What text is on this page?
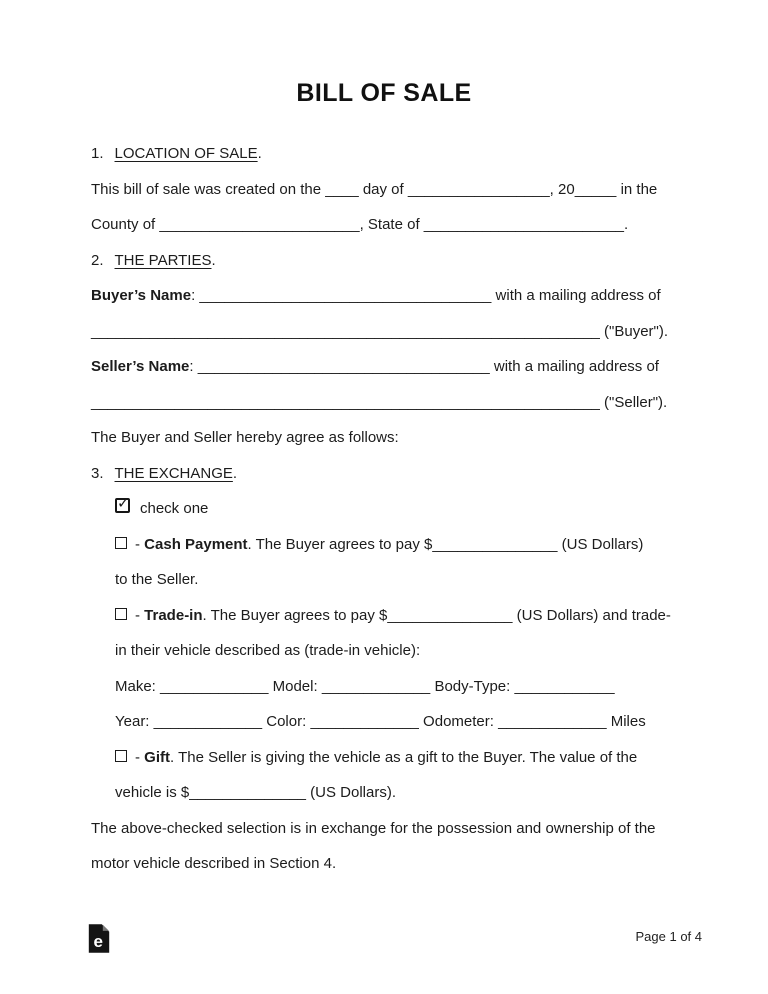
BILL OF SALE
1. LOCATION OF SALE.
This bill of sale was created on the ____ day of _________________, 20_____ in the
County of ________________________, State of ________________________.
2. THE PARTIES.
Buyer’s Name: ___________________________________ with a mailing address of
_____________________________________________________________ ("Buyer").
Seller’s Name: ___________________________________ with a mailing address of
_____________________________________________________________ ("Seller").
The Buyer and Seller hereby agree as follows:
3. THE EXCHANGE.
✓ check one
- Cash Payment. The Buyer agrees to pay $_______________ (US Dollars)
to the Seller.
- Trade-in. The Buyer agrees to pay $_______________ (US Dollars) and trade-
in their vehicle described as (trade-in vehicle):
Make: _____________ Model: _____________ Body-Type: ____________
Year: _____________ Color: _____________ Odometer: _____________ Miles
- Gift. The Seller is giving the vehicle as a gift to the Buyer. The value of the
vehicle is $______________ (US Dollars).
The above-checked selection is in exchange for the possession and ownership of the
motor vehicle described in Section 4.
e	Page 1 of 4
